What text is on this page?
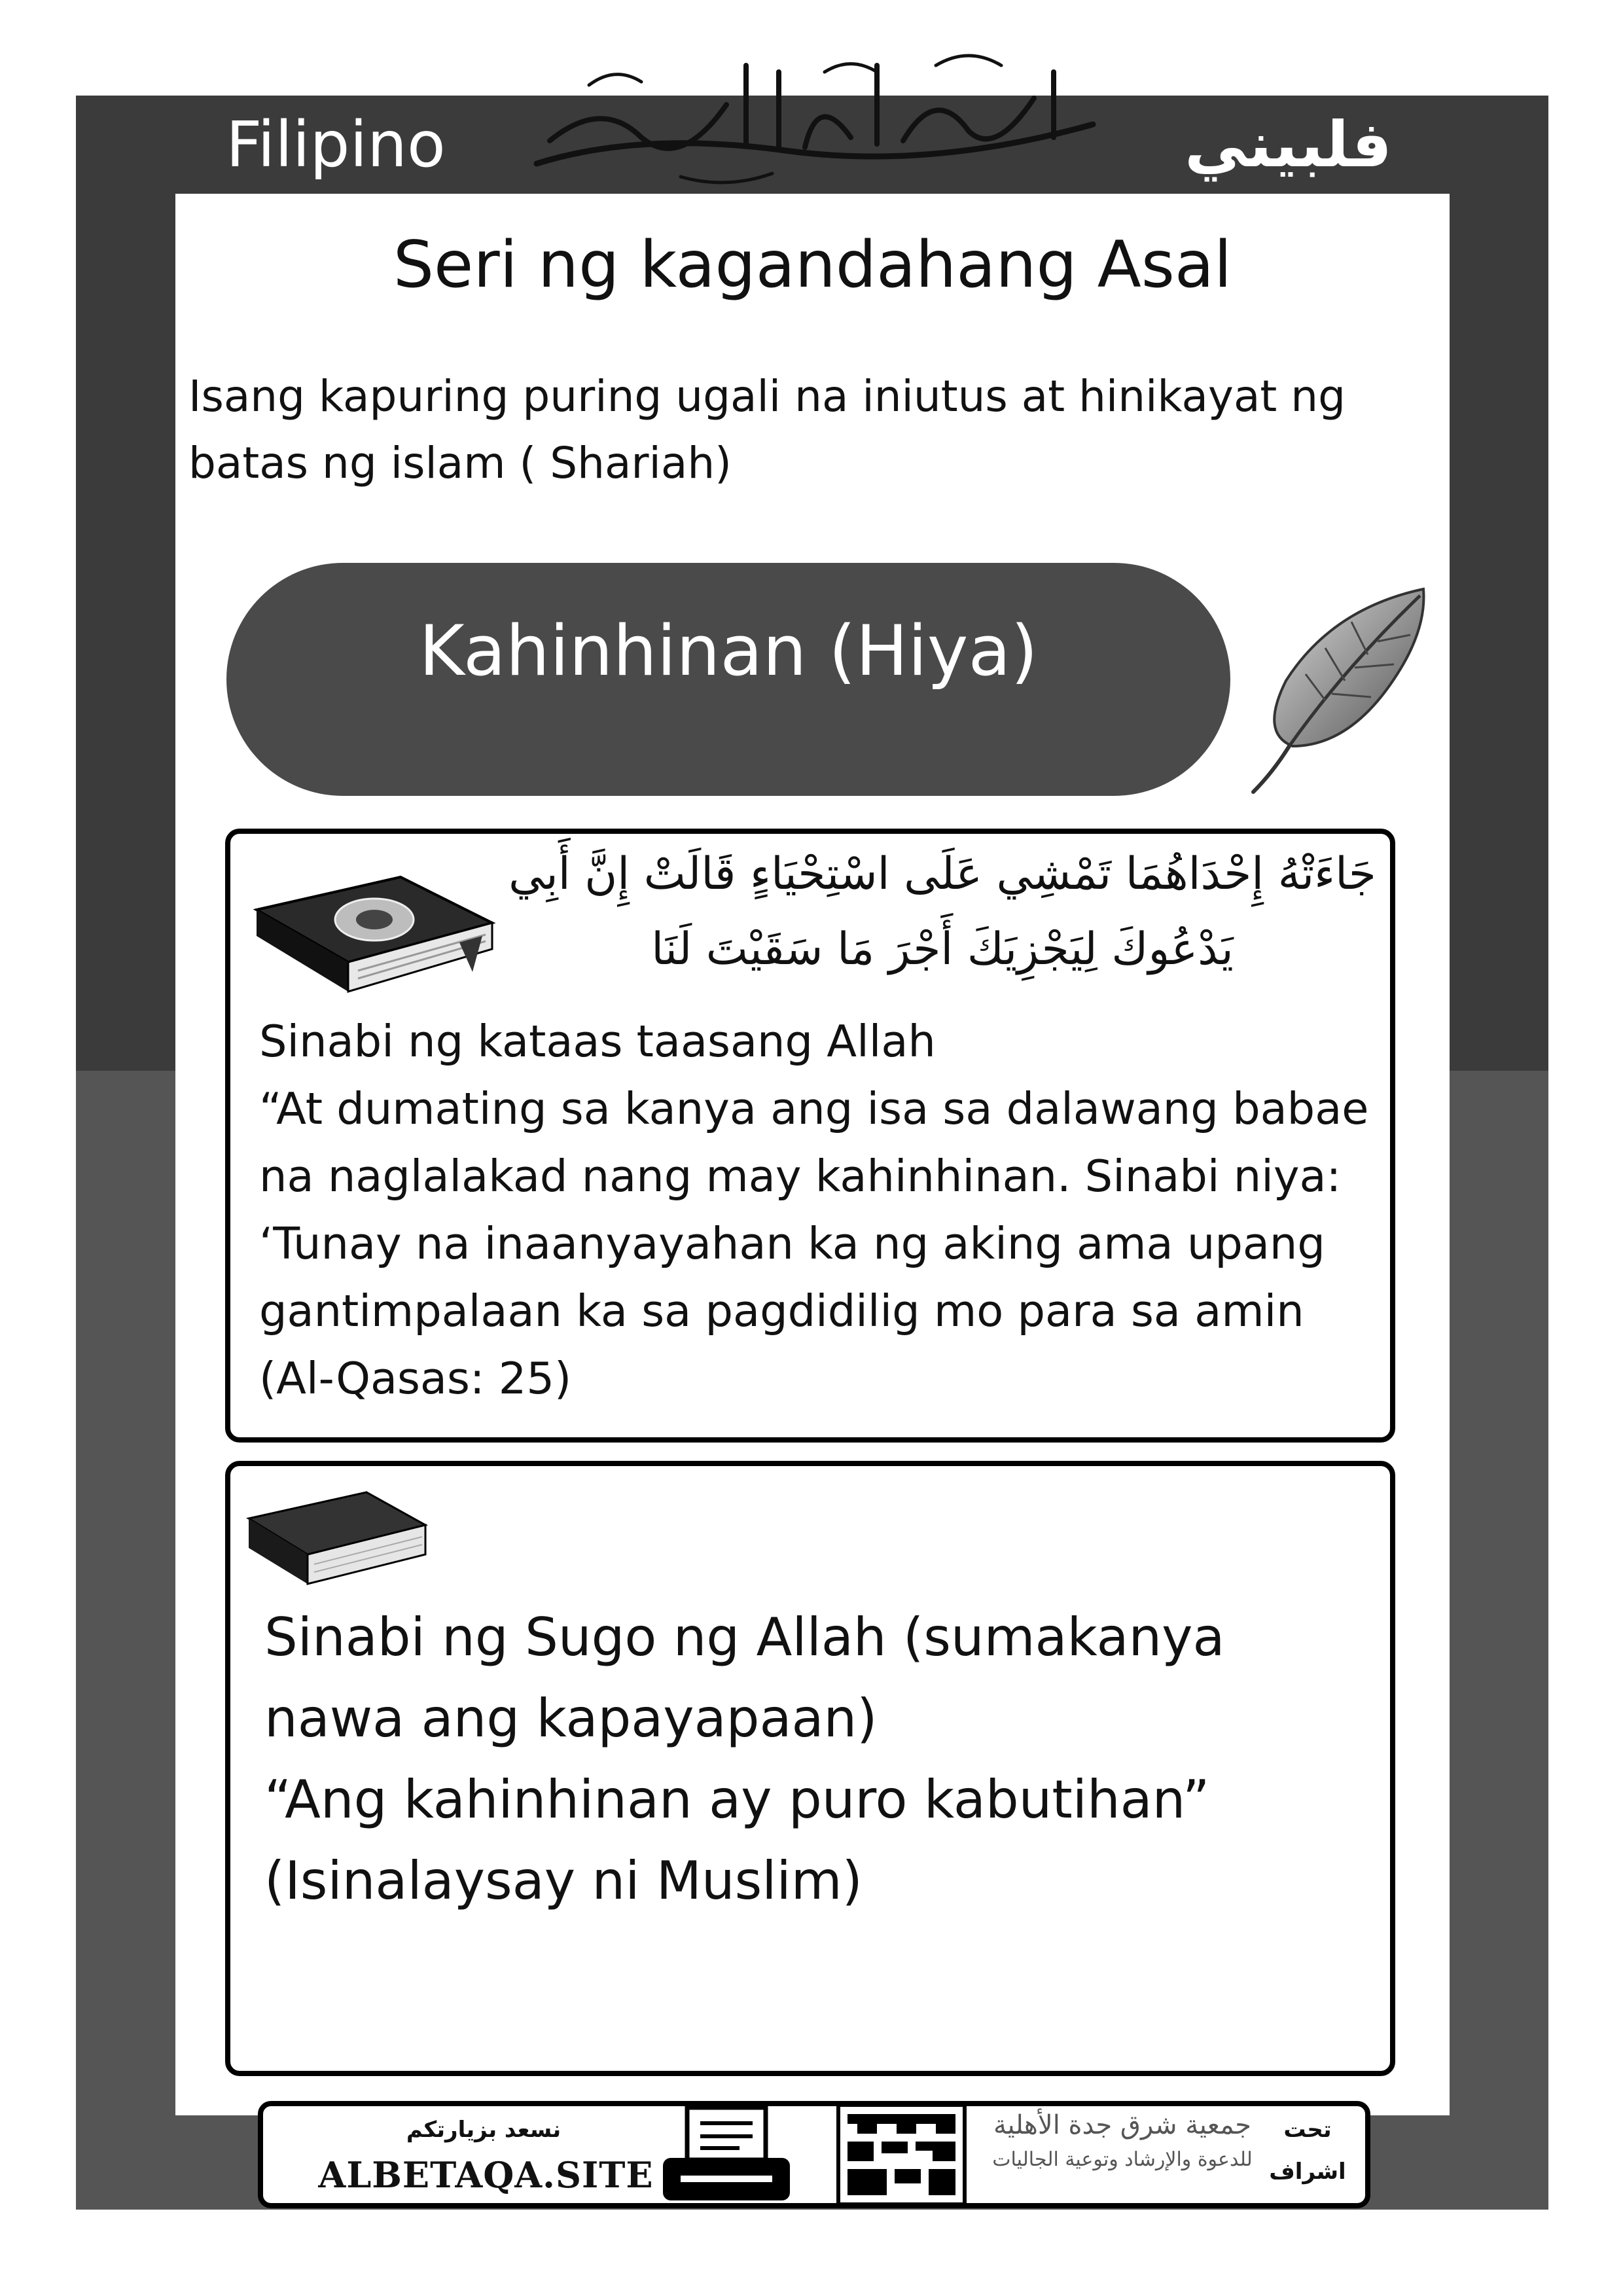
Filipino	فلبيني
Seri ng kagandahang Asal
Isang kapuring puring ugali na iniutus at hinikayat ng batas ng islam ( Shariah)
Kahinhinan (Hiya)
جَاءَتْهُ إِحْدَاهُمَا تَمْشِي عَلَى اسْتِحْيَاءٍ قَالَتْ إِنَّ أَبِي
يَدْعُوكَ لِيَجْزِيَكَ أَجْرَ مَا سَقَيْتَ لَنَا
Sinabi ng kataas taasang Allah
“At dumating sa kanya ang isa sa dalawang babae
na naglalakad nang may kahinhinan. Sinabi niya:
‘Tunay na inaanyayahan ka ng aking ama upang
gantimpalaan ka sa pagdidilig mo para sa amin
(Al-Qasas: 25)
Sinabi ng Sugo ng Allah (sumakanya
nawa ang kapayapaan)
“Ang kahinhinan ay puro kabutihan”
(Isinalaysay ni Muslim)
نسعد بزيارتكم
ALBETAQA.SITE
جمعية شرق جدة الأهلية
للدعوة والإرشاد وتوعية الجاليات
تحت
اشراف
